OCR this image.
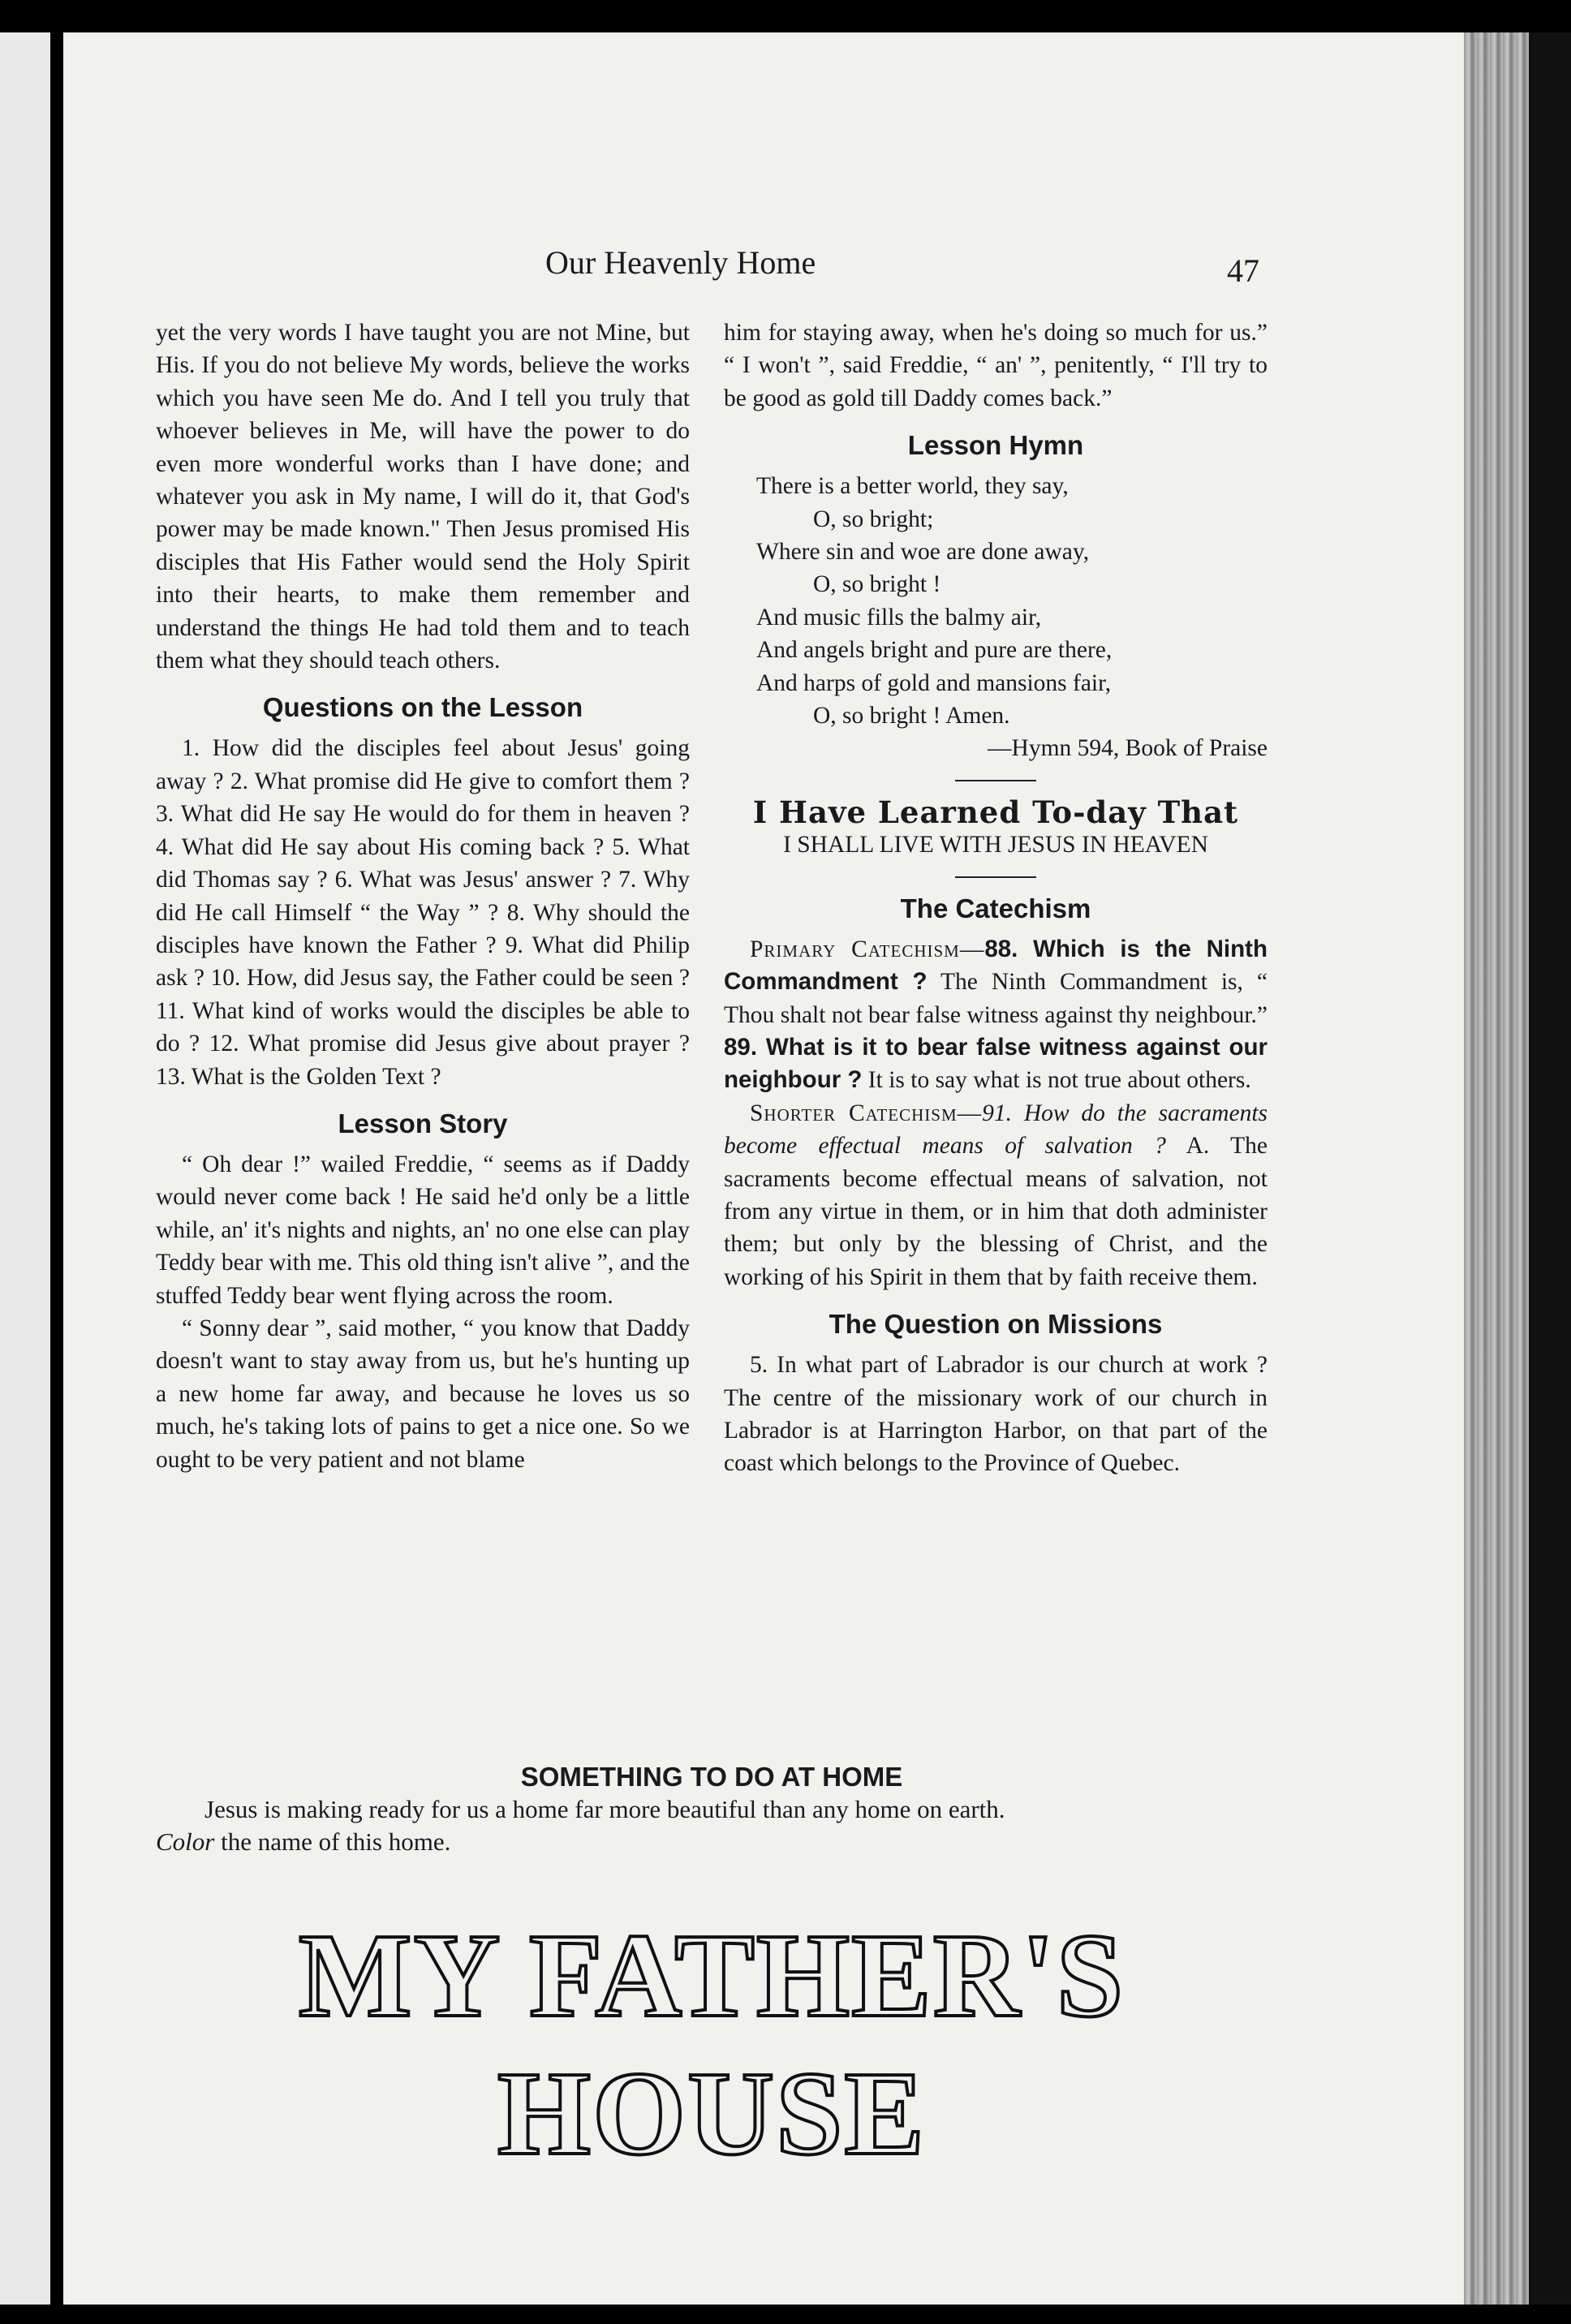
Our Heavenly Home	47

yet the very words I have taught you are not Mine, but His. If you do not believe My words, believe the works which you have seen Me do. And I tell you truly that whoever believes in Me, will have the power to do even more wonderful works than I have done; and whatever you ask in My name, I will do it, that God's power may be made known." Then Jesus promised His disciples that His Father would send the Holy Spirit into their hearts, to make them remember and understand the things He had told them and to teach them what they should teach others.

Questions on the Lesson

1. How did the disciples feel about Jesus' going away ? 2. What promise did He give to comfort them ? 3. What did He say He would do for them in heaven ? 4. What did He say about His coming back ? 5. What did Thomas say ? 6. What was Jesus' answer ? 7. Why did He call Himself “ the Way ” ? 8. Why should the disciples have known the Father ? 9. What did Philip ask ? 10. How, did Jesus say, the Father could be seen ? 11. What kind of works would the disciples be able to do ? 12. What promise did Jesus give about prayer ? 13. What is the Golden Text ?

Lesson Story

“ Oh dear !” wailed Freddie, “ seems as if Daddy would never come back ! He said he'd only be a little while, an' it's nights and nights, an' no one else can play Teddy bear with me. This old thing isn't alive ”, and the stuffed Teddy bear went flying across the room.

“ Sonny dear ”, said mother, “ you know that Daddy doesn't want to stay away from us, but he's hunting up a new home far away, and because he loves us so much, he's taking lots of pains to get a nice one. So we ought to be very patient and not blame

him for staying away, when he's doing so much for us.” “ I won't ”, said Freddie, “ an' ”, penitently, “ I'll try to be good as gold till Daddy comes back.”

Lesson Hymn
There is a better world, they say,
O, so bright;
Where sin and woe are done away,
O, so bright !
And music fills the balmy air,
And angels bright and pure are there,
And harps of gold and mansions fair,
O, so bright ! Amen.
—Hymn 594, Book of Praise
I Have Learned To-day That
I SHALL LIVE WITH JESUS IN HEAVEN
The Catechism

Primary Catechism—88. Which is the Ninth Commandment ? The Ninth Commandment is, “ Thou shalt not bear false witness against thy neighbour.” 89. What is it to bear false witness against our neighbour ? It is to say what is not true about others.

Shorter Catechism—91. How do the sacraments become effectual means of salvation ? A. The sacraments become effectual means of salvation, not from any virtue in them, or in him that doth administer them; but only by the blessing of Christ, and the working of his Spirit in them that by faith receive them.

The Question on Missions

5. In what part of Labrador is our church at work ? The centre of the missionary work of our church in Labrador is at Harrington Harbor, on that part of the coast which belongs to the Province of Quebec.

SOMETHING TO DO AT HOME
Jesus is making ready for us a home far more beautiful than any home on earth.
Color the name of this home.
MY FATHER'S HOUSE
